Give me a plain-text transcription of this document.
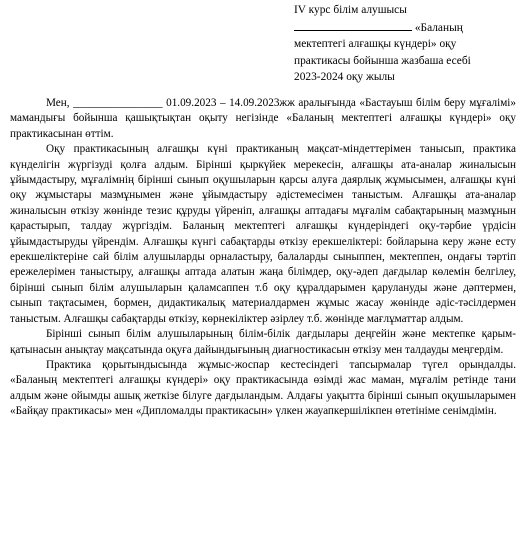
IV курс білім алушысы
«Баланың
мектептегі алғашқы күндері» оқу
практикасы бойынша жазбаша есебі
2023-2024 оқу жылы

Мен, ________________ 01.09.2023 – 14.09.2023жж аралығында «Бастауыш білім беру мұғалімі» мамандығы бойынша қашықтықтан оқыту негізінде «Баланың мектептегі алғашқы күндері» оқу практикасынан өттім.

Оқу практикасының алғашқы күні практиканың мақсат-міндеттерімен танысып, практика күнделігін жүргізуді қолға алдым. Бірінші қыркүйек мерекесін, алғашқы ата-аналар жиналысын ұйымдастыру, мұғалімнің бірінші сынып оқушыларын қарсы алуға даярлық жұмысымен, алғашқы күні оқу жұмыстары мазмұнымен және ұйымдастыру әдістемесімен таныстым. Алғашқы ата-аналар жиналысын өткізу жөнінде тезис құруды үйреніп, алғашқы аптадағы мұғалім сабақтарының мазмұнын қарастырып, талдау жүргіздім. Баланың мектептегі алғашқы күндеріндегі оқу-тәрбие үрдісін ұйымдастыруды үйрендім. Алғашқы күнгі сабақтарды өткізу ерекшеліктері: бойларына керу және есту ерекшеліктеріне сай білім алушыларды орналастыру, балаларды сыныппен, мектеппен, ондағы тәртіп ережелерімен таныстыру, алғашқы аптада алатын жаңа білімдер, оқу-әдеп дағдылар көлемін белгілеу, бірінші сынып білім алушыларын қаламсаппен т.б оқу құралдарымен қарулануды және дәптермен, сынып тақтасымен, бормен, дидактикалық материалдармен жұмыс жасау жөнінде әдіс-тәсілдермен таныстым. Алғашқы сабақтарды өткізу, көрнекіліктер әзірлеу т.б. жөнінде мағлұматтар алдым.

Бірінші сынып білім алушыларының білім-білік дағдылары деңгейін және мектепке қарым-қатынасын анықтау мақсатында оқуға дайындығының диагностикасын өткізу мен талдауды меңгердім.

Практика қорытындысында жұмыс-жоспар кестесіндегі тапсырмалар түгел орындалды. «Баланың мектептегі алғашқы күндері» оқу практикасында өзімді жас маман, мұғалім ретінде тани алдым және ойымды ашық жеткізе білуге дағдыландым. Алдағы уақытта бірінші сынып оқушыларымен «Байқау практикасы» мен «Дипломалды практикасын» үлкен жауапкершілікпен өтетініме сенімдімін.
